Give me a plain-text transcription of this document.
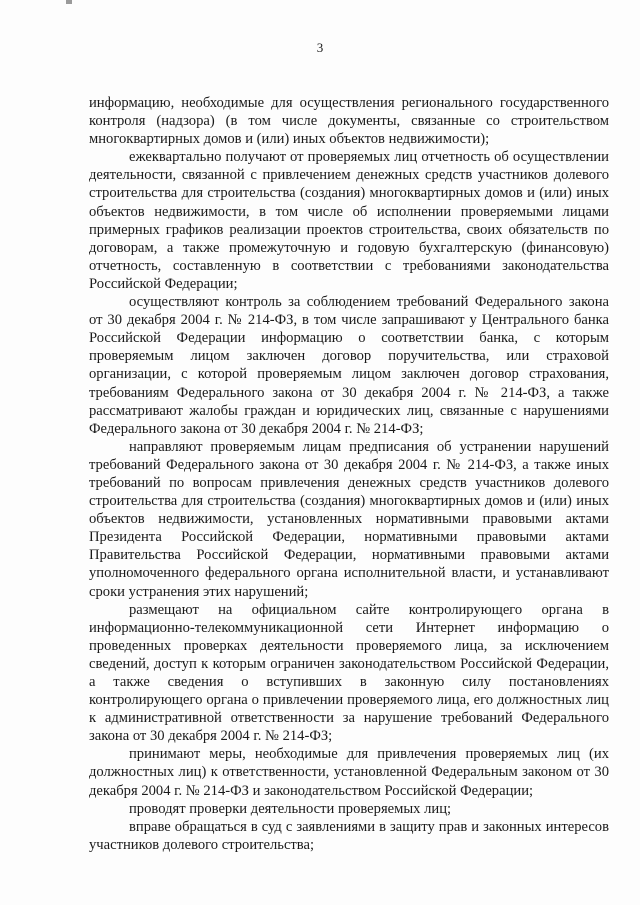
3

информацию, необходимые для осуществления регионального государственного контроля (надзора) (в том числе документы, связанные со строительством многоквартирных домов и (или) иных объектов недвижимости);

ежеквартально получают от проверяемых лиц отчетность об осуществлении деятельности, связанной с привлечением денежных средств участников долевого строительства для строительства (создания) многоквартирных домов и (или) иных объектов недвижимости, в том числе об исполнении проверяемыми лицами примерных графиков реализации проектов строительства, своих обязательств по договорам, а также промежуточную и годовую бухгалтерскую (финансовую) отчетность, составленную в соответствии с требованиями законодательства Российской Федерации;

осуществляют контроль за соблюдением требований Федерального закона от 30 декабря 2004 г. № 214-ФЗ, в том числе запрашивают у Центрального банка Российской Федерации информацию о соответствии банка, с которым проверяемым лицом заключен договор поручительства, или страховой организации, с которой проверяемым лицом заключен договор страхования, требованиям Федерального закона от 30 декабря 2004 г. № 214-ФЗ, а также рассматривают жалобы граждан и юридических лиц, связанные с нарушениями Федерального закона от 30 декабря 2004 г. № 214-ФЗ;

направляют проверяемым лицам предписания об устранении нарушений требований Федерального закона от 30 декабря 2004 г. № 214-ФЗ, а также иных требований по вопросам привлечения денежных средств участников долевого строительства для строительства (создания) многоквартирных домов и (или) иных объектов недвижимости, установленных нормативными правовыми актами Президента Российской Федерации, нормативными правовыми актами Правительства Российской Федерации, нормативными правовыми актами уполномоченного федерального органа исполнительной власти, и устанавливают сроки устранения этих нарушений;

размещают на официальном сайте контролирующего органа в информационно-телекоммуникационной сети Интернет информацию о проведенных проверках деятельности проверяемого лица, за исключением сведений, доступ к которым ограничен законодательством Российской Федерации, а также сведения о вступивших в законную силу постановлениях контролирующего органа о привлечении проверяемого лица, его должностных лиц к административной ответственности за нарушение требований Федерального закона от 30 декабря 2004 г. № 214-ФЗ;

принимают меры, необходимые для привлечения проверяемых лиц (их должностных лиц) к ответственности, установленной Федеральным законом от 30 декабря 2004 г. № 214-ФЗ и законодательством Российской Федерации;

проводят проверки деятельности проверяемых лиц;

вправе обращаться в суд с заявлениями в защиту прав и законных интересов участников долевого строительства;
